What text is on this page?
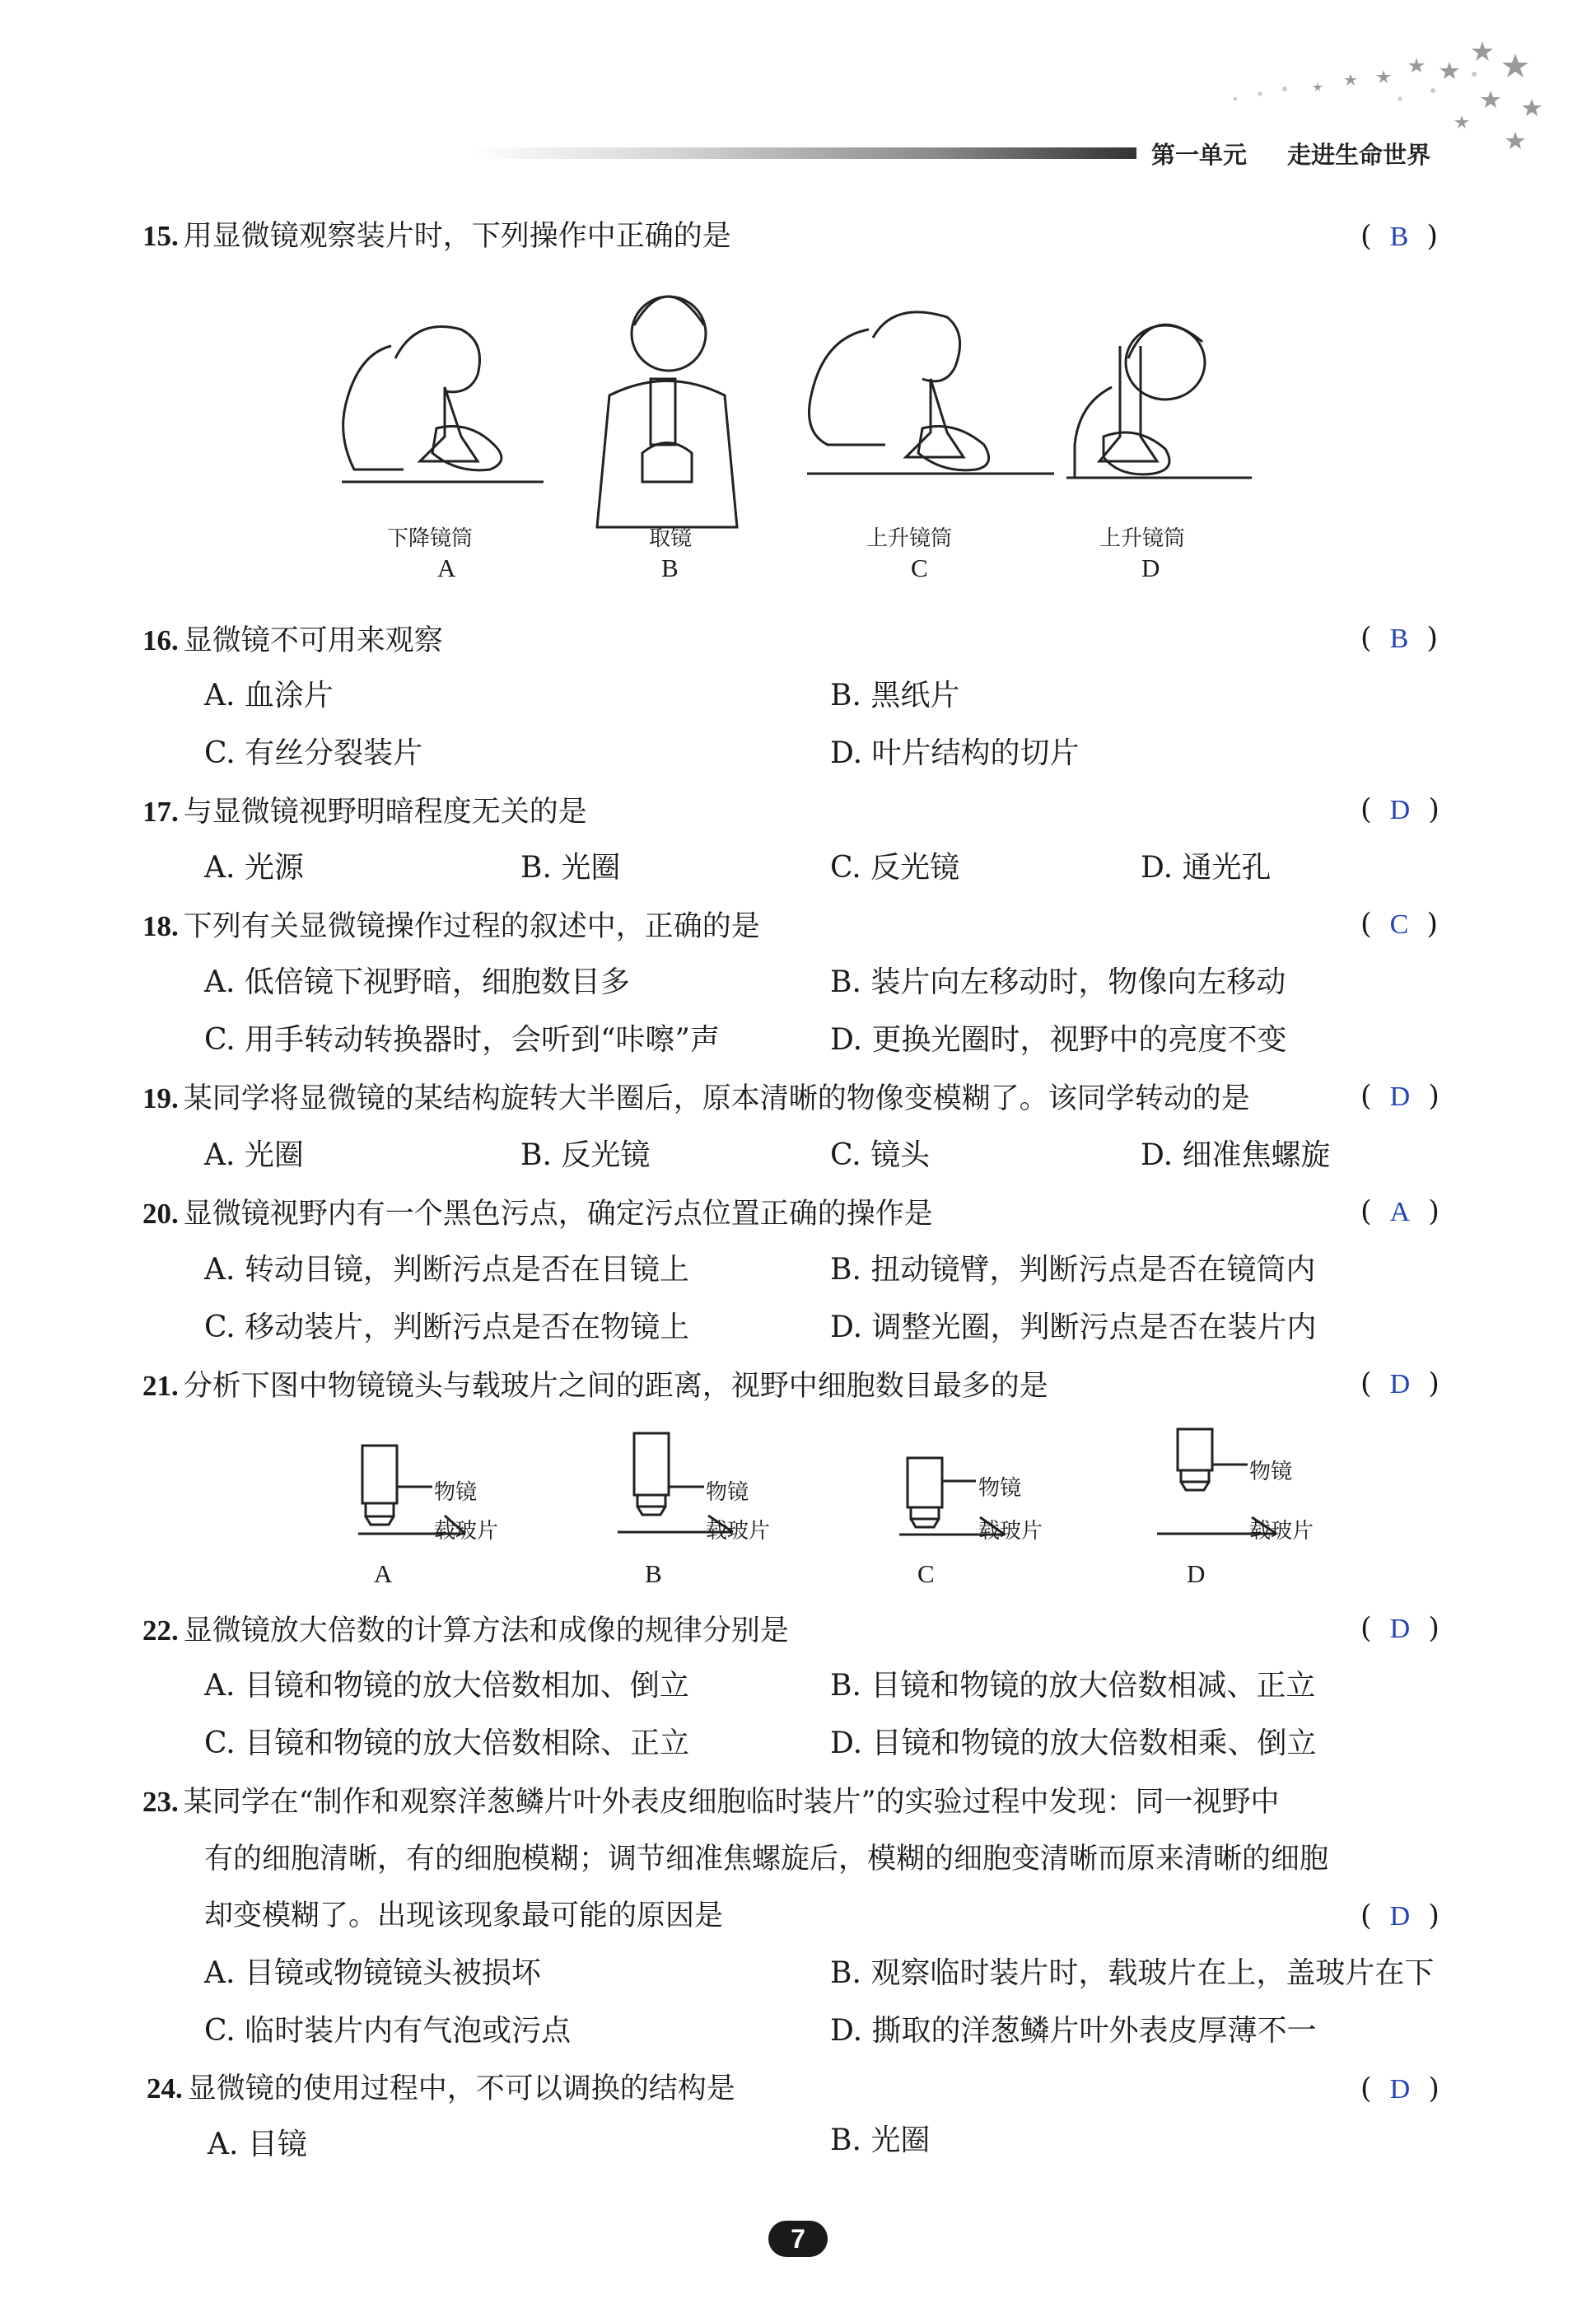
第一单元 走进生命世界
15. 用显微镜观察装片时，下列操作中正确的是	( B )
下降镜筒	取镜	上升镜筒	上升镜筒
A	B	C	D
16. 显微镜不可用来观察	( B )
A. 血涂片	B. 黑纸片
C. 有丝分裂装片	D. 叶片结构的切片
17. 与显微镜视野明暗程度无关的是	( D )
A. 光源	B. 光圈	C. 反光镜	D. 通光孔
18. 下列有关显微镜操作过程的叙述中，正确的是	( C )
A. 低倍镜下视野暗，细胞数目多	B. 装片向左移动时，物像向左移动
C. 用手转动转换器时，会听到“咔嚓”声	D. 更换光圈时，视野中的亮度不变
19. 某同学将显微镜的某结构旋转大半圈后，原本清晰的物像变模糊了。该同学转动的是	( D )
A. 光圈	B. 反光镜	C. 镜头	D. 细准焦螺旋
20. 显微镜视野内有一个黑色污点，确定污点位置正确的操作是	( A )
A. 转动目镜，判断污点是否在目镜上	B. 扭动镜臂，判断污点是否在镜筒内
C. 移动装片，判断污点是否在物镜上	D. 调整光圈，判断污点是否在装片内
21. 分析下图中物镜镜头与载玻片之间的距离，视野中细胞数目最多的是	( D )
物镜
载玻片
物镜
载玻片
物镜
载玻片
物镜
载玻片
A	B	C	D
22. 显微镜放大倍数的计算方法和成像的规律分别是	( D )
A. 目镜和物镜的放大倍数相加、倒立	B. 目镜和物镜的放大倍数相减、正立
C. 目镜和物镜的放大倍数相除、正立	D. 目镜和物镜的放大倍数相乘、倒立
23. 某同学在“制作和观察洋葱鳞片叶外表皮细胞临时装片”的实验过程中发现：同一视野中
有的细胞清晰，有的细胞模糊；调节细准焦螺旋后，模糊的细胞变清晰而原来清晰的细胞
却变模糊了。出现该现象最可能的原因是	( D )
A. 目镜或物镜镜头被损坏	B. 观察临时装片时，载玻片在上，盖玻片在下
C. 临时装片内有气泡或污点	D. 撕取的洋葱鳞片叶外表皮厚薄不一
24. 显微镜的使用过程中，不可以调换的结构是	( D )
A. 目镜	B. 光圈
7
